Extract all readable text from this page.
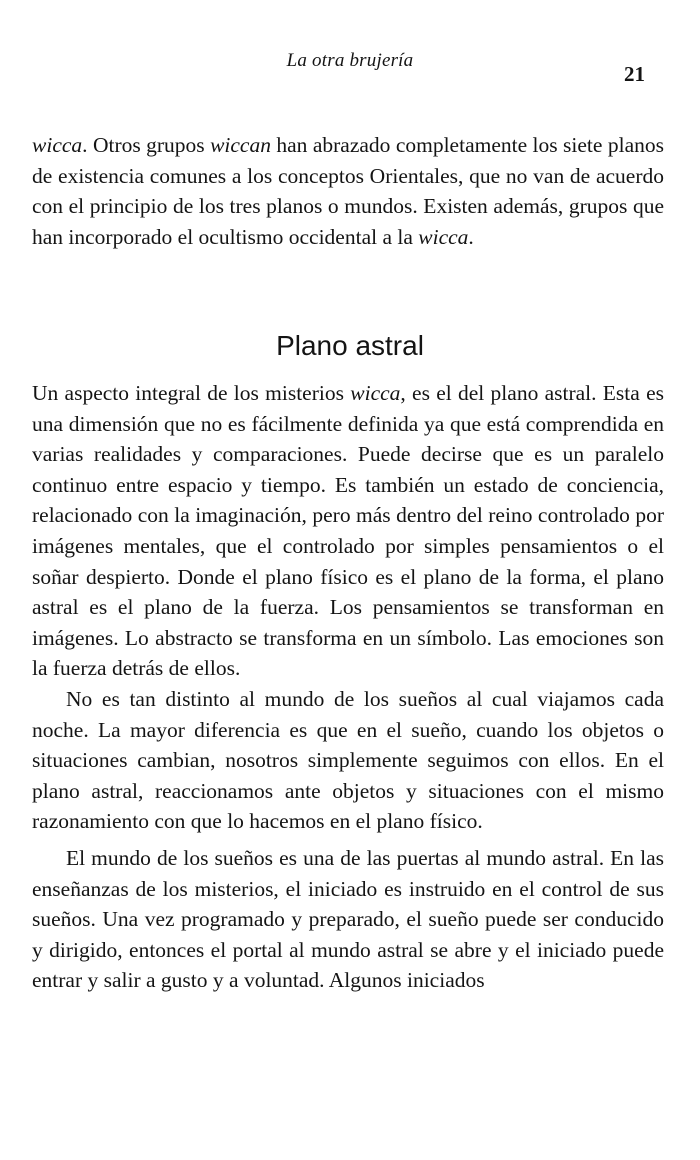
La otra brujería
21

wicca. Otros grupos wiccan han abrazado completamente los siete planos de existencia comunes a los conceptos Orientales, que no van de acuerdo con el principio de los tres planos o mundos. Existen además, grupos que han incorporado el ocultismo occidental a la wicca.

Plano astral

Un aspecto integral de los misterios wicca, es el del plano astral. Esta es una dimensión que no es fácilmente definida ya que está comprendida en varias realidades y comparaciones. Puede decirse que es un paralelo continuo entre espacio y tiempo. Es también un estado de conciencia, relacionado con la imaginación, pero más dentro del reino controlado por imágenes mentales, que el controlado por simples pensamientos o el soñar despierto. Donde el plano físico es el plano de la forma, el plano astral es el plano de la fuerza. Los pensamientos se transforman en imágenes. Lo abstracto se transforma en un símbolo. Las emociones son la fuerza detrás de ellos.

No es tan distinto al mundo de los sueños al cual viajamos cada noche. La mayor diferencia es que en el sueño, cuando los objetos o situaciones cambian, nosotros simplemente seguimos con ellos. En el plano astral, reaccionamos ante objetos y situaciones con el mismo razonamiento con que lo hacemos en el plano físico.

El mundo de los sueños es una de las puertas al mundo astral. En las enseñanzas de los misterios, el iniciado es instruido en el control de sus sueños. Una vez programado y preparado, el sueño puede ser conducido y dirigido, entonces el portal al mundo astral se abre y el iniciado puede entrar y salir a gusto y a voluntad. Algunos iniciados
